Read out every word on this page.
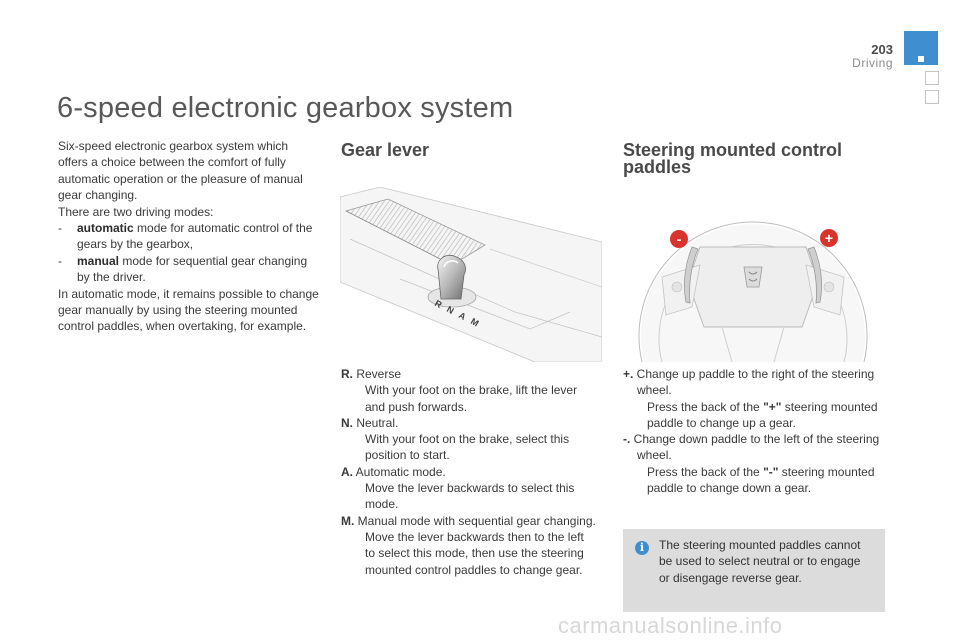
203
Driving
6-speed electronic gearbox system

Six-speed electronic gearbox system which offers a choice between the comfort of fully automatic operation or the pleasure of manual gear changing.

There are two driving modes:

-	automatic mode for automatic control of the gears by the gearbox,
-	manual mode for sequential gear changing by the driver.

In automatic mode, it remains possible to change gear manually by using the steering mounted control paddles, when overtaking, for example.

Gear lever
R
N
A
M

R. Reverse

With your foot on the brake, lift the lever and push forwards.

N. Neutral.

With your foot on the brake, select this position to start.

A. Automatic mode.

Move the lever backwards to select this mode.

M. Manual mode with sequential gear changing.

Move the lever backwards then to the left to select this mode, then use the steering mounted control paddles to change gear.
Steering mounted control paddles
-	+

+. Change up paddle to the right of the steering wheel.

Press the back of the "+" steering mounted paddle to change up a gear.

-. Change down paddle to the left of the steering wheel.

Press the back of the "-" steering mounted paddle to change down a gear.
i	The steering mounted paddles cannot be used to select neutral or to engage or disengage reverse gear.
carmanualsonline.info
